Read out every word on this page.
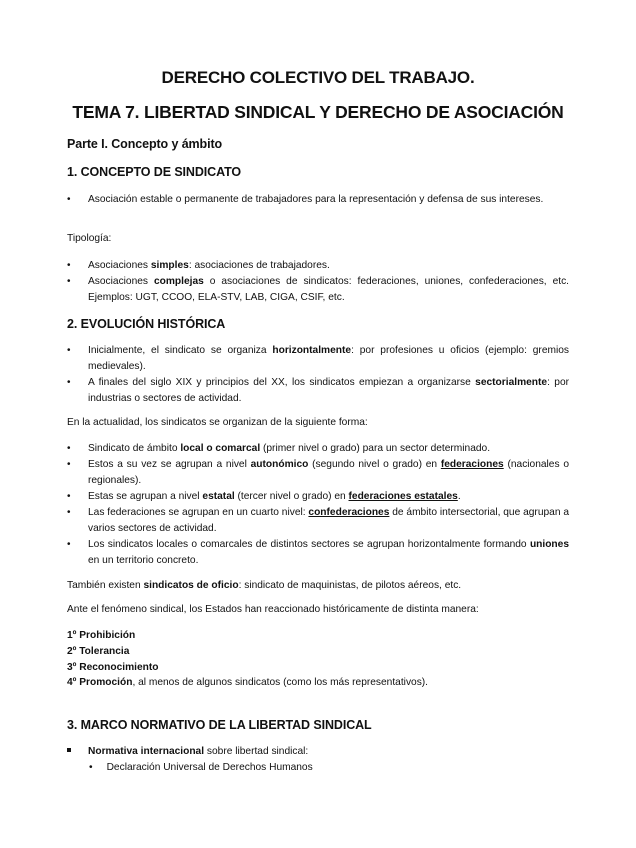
DERECHO COLECTIVO DEL TRABAJO.
TEMA 7. LIBERTAD SINDICAL Y DERECHO DE ASOCIACIÓN
Parte I. Concepto y ámbito
1. CONCEPTO DE SINDICATO
•	Asociación estable o permanente de trabajadores para la representación y defensa de sus intereses.
Tipología:
•	Asociaciones simples: asociaciones de trabajadores.
•	Asociaciones complejas o asociaciones de sindicatos: federaciones, uniones, confederaciones, etc. Ejemplos: UGT, CCOO, ELA-STV, LAB, CIGA, CSIF, etc.
2. EVOLUCIÓN HISTÓRICA
•	Inicialmente, el sindicato se organiza horizontalmente: por profesiones u oficios (ejemplo: gremios medievales).
•	A finales del siglo XIX y principios del XX, los sindicatos empiezan a organizarse sectorialmente: por industrias o sectores de actividad.
En la actualidad, los sindicatos se organizan de la siguiente forma:
•	Sindicato de ámbito local o comarcal (primer nivel o grado) para un sector determinado.
•	Estos a su vez se agrupan a nivel autonómico (segundo nivel o grado) en federaciones (nacionales o regionales).
•	Estas se agrupan a nivel estatal (tercer nivel o grado) en federaciones estatales.
•	Las federaciones se agrupan en un cuarto nivel: confederaciones de ámbito intersectorial, que agrupan a varios sectores de actividad.
•	Los sindicatos locales o comarcales de distintos sectores se agrupan horizontalmente formando uniones en un territorio concreto.
También existen sindicatos de oficio: sindicato de maquinistas, de pilotos aéreos, etc.
Ante el fenómeno sindical, los Estados han reaccionado históricamente de distinta manera:
1º Prohibición
2º Tolerancia
3º Reconocimiento
4º Promoción, al menos de algunos sindicatos (como los más representativos).
3. MARCO NORMATIVO DE LA LIBERTAD SINDICAL
Normativa internacional sobre libertad sindical:
• Declaración Universal de Derechos Humanos
